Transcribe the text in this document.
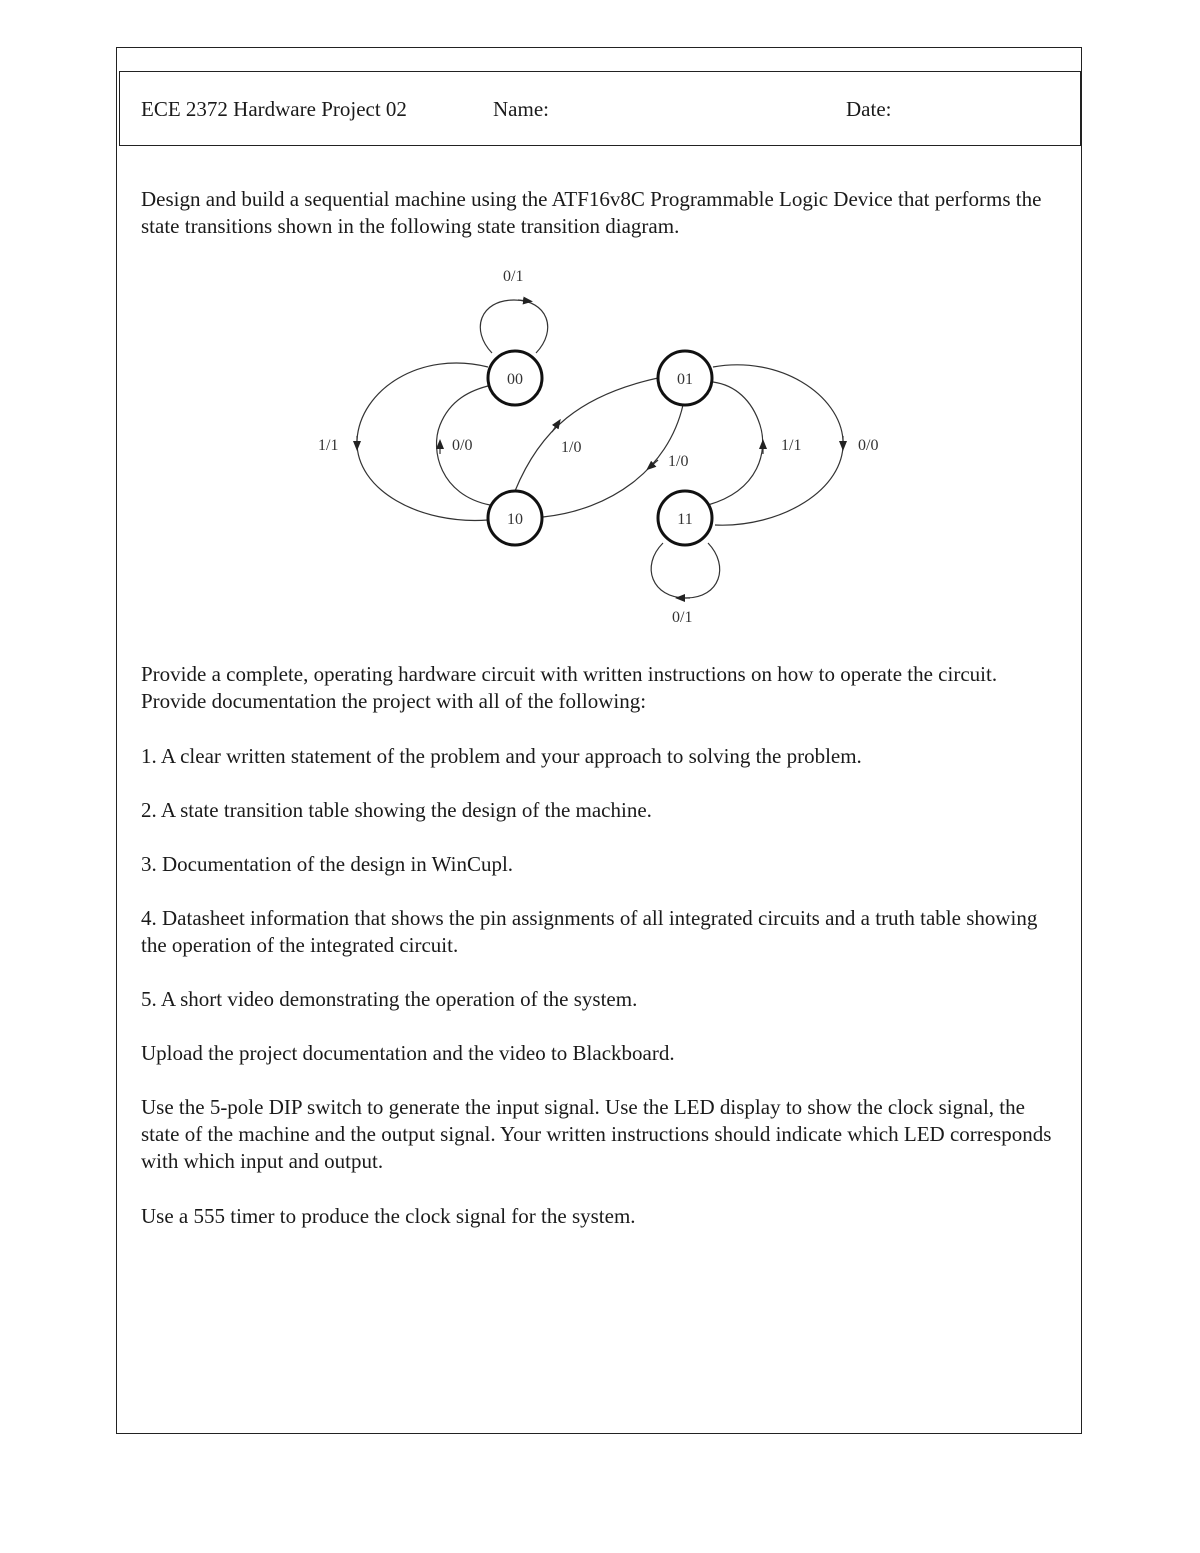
ECE 2372 Hardware Project 02	Name:	Date:

Design and build a sequential machine using the ATF16v8C Programmable Logic Device that performs the state transitions shown in the following state transition diagram.

0/1
1/1	0/0	1/0
1/0
1/1	0/0
0/1
00	01
10	11

Provide a complete, operating hardware circuit with written instructions on how to operate the circuit. Provide documentation the project with all of the following:

1. A clear written statement of the problem and your approach to solving the problem.

2. A state transition table showing the design of the machine.

3. Documentation of the design in WinCupl.

4. Datasheet information that shows the pin assignments of all integrated circuits and a truth table showing the operation of the integrated circuit.

5. A short video demonstrating the operation of the system.

Upload the project documentation and the video to Blackboard.

Use the 5-pole DIP switch to generate the input signal. Use the LED display to show the clock signal, the state of the machine and the output signal. Your written instructions should indicate which LED corresponds with which input and output.

Use a 555 timer to produce the clock signal for the system.
